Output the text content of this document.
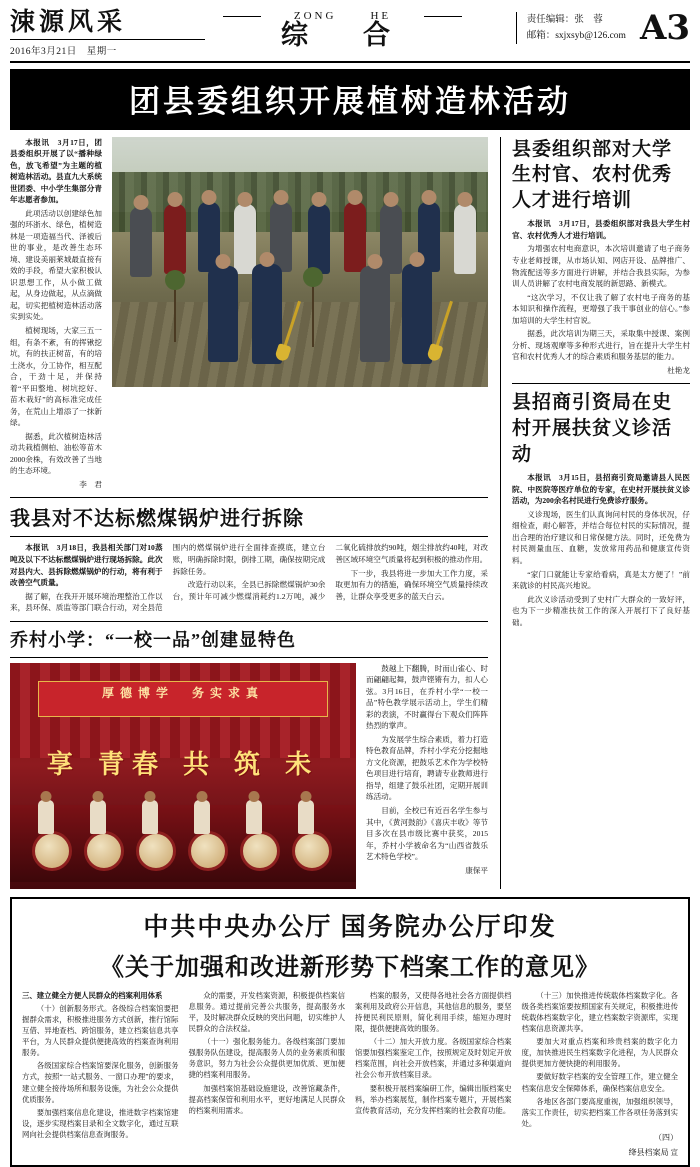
涑源风采
2016年3月21日　星期一
ZONG	HE
综　合
责任编辑：张　蓉
邮箱：sxjxsyb@126.com A3
团县委组织开展植树造林活动

本报讯　3月17日，团县委组织开展了以“播种绿色，放飞希望”为主题的植树造林活动。县直九大系统世团委、中小学生集部分青年志愿者参加。

此项活动以创建绿色加强的环浙水、绿色，植树造林是一项造福当代、泽被后世的事业，是改善生态环境、建设美丽莱城最直接有效的手段，希望大家积极认识思想工作，从小做工做起，从身边做起，从点滴做起，切实把植树造林活动落实到实处。

植树现场，大家三五一组，有条不紊，有的挥锹挖坑，有的扶正树苗，有的培土浇水，分工协作，相互配合，干劲十足，并保持着“平田整地、树坑挖好、苗木栽好”的高标准完成任务，在荒山上增添了一抹新绿。

据悉，此次植树造林活动共栽植侧柏、油松等苗木2000余株，有效改善了当地的生态环境。

李　君
我县对不达标燃煤锅炉进行拆除

本报讯　3月18日，我县相关部门对10蒸吨及以下不达标燃煤锅炉进行现场拆除。此次对县内大、县拆除燃煤锅炉的行动，将有利于改善空气质量。

据了解，在我开开展环境治理整治工作以来，县环保、质监等部门联合行动，对全县范围内的燃煤锅炉进行全面排查摸底，建立台账，明确拆除时限，倒排工期，确保按期完成拆除任务。

改造行动以来，全县已拆除燃煤锅炉30余台，预计年可减少燃煤消耗约1.2万吨，减少二氧化硫排放约90吨，烟尘排放约40吨，对改善区域环境空气质量将起到积极的推动作用。

下一步，我县将进一步加大工作力度，采取更加有力的措施，确保环境空气质量持续改善，让群众享受更多的蓝天白云。

乔村小学：“一校一品”创建显特色
厚德博学　务实求真
享 青春 共 筑 未

鼓越上下翻腾，时而山雀心、时而翩翩起舞，鼓声铿锵有力，扣人心弦。3月16日，在乔村小学“一校一品”特色教学展示活动上，学生们精彩的表演，不时赢得台下观众们阵阵热烈的掌声。

为发展学生综合素质，着力打造特色教育品牌，乔村小学充分挖掘地方文化资源，把鼓乐艺术作为学校特色项目进行培育，聘请专业教师进行指导，组建了鼓乐社团，定期开展训练活动。

目前，全校已有近百名学生参与其中，《黄河鼓韵》《喜庆丰收》等节目多次在县市级比赛中获奖，2015年，乔村小学被命名为“山西省鼓乐艺术特色学校”。

康保平
县委组织部对大学生村官、农村优秀人才进行培训

本报讯　3月17日，县委组织部对我县大学生村官、农村优秀人才进行培训。

为增强农村电商意识，本次培训邀请了电子商务专业老师授课，从市场认知、网店开设、品牌推广、物流配送等多方面进行讲解，并结合我县实际，为参训人员讲解了农村电商发展的新思路、新模式。

“这次学习，不仅让我了解了农村电子商务的基本知识和操作流程，更增强了我干事创业的信心。”参加培训的大学生村官说。

据悉，此次培训为期三天，采取集中授课、案例分析、现场观摩等多种形式进行，旨在提升大学生村官和农村优秀人才的综合素质和服务基层的能力。

杜艳龙
县招商引资局在史村开展扶贫义诊活动

本报讯　3月15日，县招商引资局邀请县人民医院、中医院等医疗单位的专家，在史村开展扶贫义诊活动，为200余名村民进行免费诊疗服务。

义诊现场，医生们认真询问村民的身体状况，仔细检查，耐心解答，并结合每位村民的实际情况，提出合理的治疗建议和日常保健方法。同时，还免费为村民测量血压、血糖，发放常用药品和健康宣传资料。

“家门口就能让专家给看病，真是太方便了！”前来就诊的村民高兴地说。

此次义诊活动受到了史村广大群众的一致好评，也为下一步精准扶贫工作的深入开展打下了良好基础。

中共中央办公厅 国务院办公厅印发
《关于加强和改进新形势下档案工作的意见》

三、建立健全方便人民群众的档案利用体系

（十）创新服务形式。各级综合档案馆要把握群众需求，积极推进服务方式创新，推行馆际互借、异地查档、跨馆服务，建立档案信息共享平台，为人民群众提供便捷高效的档案查询利用服务。

各级国家综合档案馆要深化服务，创新服务方式，按照“一站式服务、一窗口办理”的要求，建立健全接待场所和服务设施，为社会公众提供优质服务。

要加强档案信息化建设，推进数字档案馆建设，逐步实现档案目录和全文数字化，通过互联网向社会提供档案信息查询服务。

众的需要，开发档案资源，积极提供档案信息服务。通过提前完善公共服务，提高服务水平，及时解决群众反映的突出问题，切实维护人民群众的合法权益。

（十一）强化服务能力。各级档案部门要加强服务队伍建设，提高服务人员的业务素质和服务意识，努力为社会公众提供更加优质、更加便捷的档案利用服务。

加强档案馆基础设施建设，改善馆藏条件，提高档案保管和利用水平，更好地满足人民群众的档案利用需求。

档案的服务，又使得各地社会各方面提供档案利用及政府公开信息，其他信息的服务，要坚持便民利民原则，简化利用手续，缩短办理时限，提供便捷高效的服务。

（十二）加大开放力度。各级国家综合档案馆要加强档案鉴定工作，按照规定及时划定开放档案范围，向社会开放档案，并通过多种渠道向社会公布开放档案目录。

要积极开展档案编研工作，编辑出版档案史料，举办档案展览，制作档案专题片，开展档案宣传教育活动，充分发挥档案的社会教育功能。

（十三）加快推进传统载体档案数字化。各级各类档案馆要按照国家有关规定，积极推进传统载体档案数字化，建立档案数字资源库，实现档案信息资源共享。

要加大对重点档案和珍贵档案的数字化力度，加快推进民生档案数字化进程，为人民群众提供更加方便快捷的利用服务。

要做好数字档案的安全管理工作，建立健全档案信息安全保障体系，确保档案信息安全。

各地区各部门要高度重视，加强组织领导，落实工作责任，切实把档案工作各项任务落到实处。

（四）
绛县档案局 宣
